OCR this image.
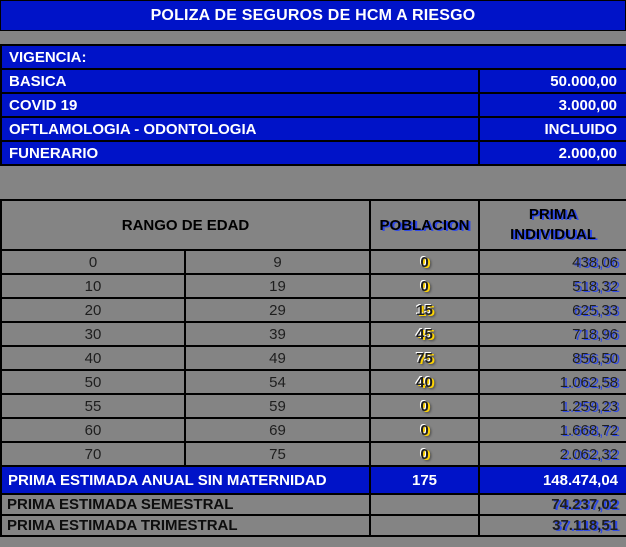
POLIZA DE SEGUROS DE HCM A RIESGO
VIGENCIA:	
BASICA	50.000,00
COVID 19	3.000,00
OFTLAMOLOGIA - ODONTOLOGIA	INCLUIDO
FUNERARIO	2.000,00
RANGO DE EDAD		POBLACION	PRIMA
INDIVIDUAL

0	9	0	438,06
10	19	0	518,32
20	29	15	625,33
30	39	45	718,96
40	49	75	856,50
50	54	40	1.062,58
55	59	0	1.259,23
60	69	0	1.668,72
70	75	0	2.062,32
PRIMA ESTIMADA ANUAL SIN MATERNIDAD		175	148.474,04
PRIMA ESTIMADA SEMESTRAL			74.237,02
PRIMA ESTIMADA TRIMESTRAL			37.118,51
